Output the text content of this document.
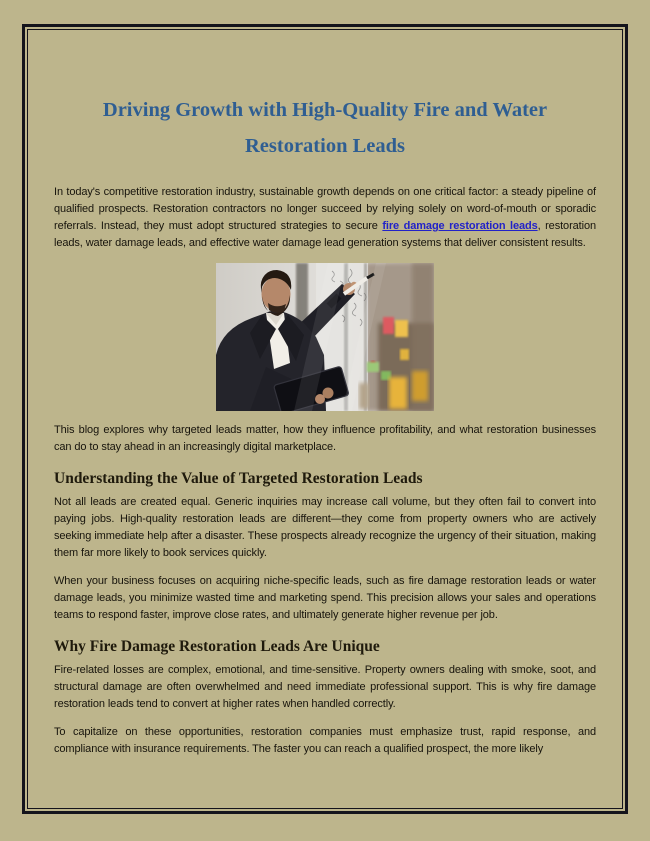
Driving Growth with High-Quality Fire and Water
Restoration Leads

In today's competitive restoration industry, sustainable growth depends on one critical factor: a steady pipeline of qualified prospects. Restoration contractors no longer succeed by relying solely on word-of-mouth or sporadic referrals. Instead, they must adopt structured strategies to secure fire damage restoration leads, restoration leads, water damage leads, and effective water damage lead generation systems that deliver consistent results.

This blog explores why targeted leads matter, how they influence profitability, and what restoration businesses can do to stay ahead in an increasingly digital marketplace.

Understanding the Value of Targeted Restoration Leads

Not all leads are created equal. Generic inquiries may increase call volume, but they often fail to convert into paying jobs. High-quality restoration leads are different—they come from property owners who are actively seeking immediate help after a disaster. These prospects already recognize the urgency of their situation, making them far more likely to book services quickly.

When your business focuses on acquiring niche-specific leads, such as fire damage restoration leads or water damage leads, you minimize wasted time and marketing spend. This precision allows your sales and operations teams to respond faster, improve close rates, and ultimately generate higher revenue per job.

Why Fire Damage Restoration Leads Are Unique

Fire-related losses are complex, emotional, and time-sensitive. Property owners dealing with smoke, soot, and structural damage are often overwhelmed and need immediate professional support. This is why fire damage restoration leads tend to convert at higher rates when handled correctly.

To capitalize on these opportunities, restoration companies must emphasize trust, rapid response, and compliance with insurance requirements. The faster you can reach a qualified prospect, the more likely
